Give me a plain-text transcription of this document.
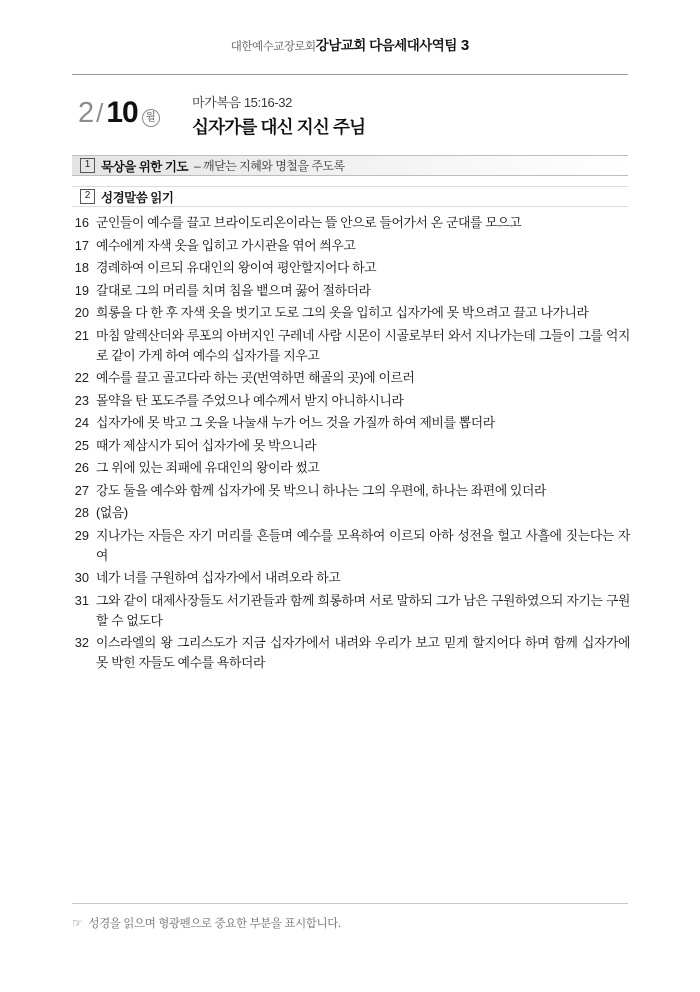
대한예수교장로회강남교회 다음세대사역팀 3
2 / 10 월
마가복음 15:16-32
십자가를 대신 지신 주님
1 묵상을 위한 기도 – 깨닫는 지혜와 명철을 주도록
2 성경말씀 읽기
16 군인들이 예수를 끌고 브라이도리온이라는 뜰 안으로 들어가서 온 군대를 모으고
17 예수에게 자색 옷을 입히고 가시관을 엮어 씌우고
18 경례하여 이르되 유대인의 왕이여 평안할지어다 하고
19 갈대로 그의 머리를 치며 침을 뱉으며 꿇어 절하더라
20 희롱을 다 한 후 자색 옷을 벗기고 도로 그의 옷을 입히고 십자가에 못 박으려고 끌고 나가니라
21 마침 알렉산더와 루포의 아버지인 구레네 사람 시몬이 시골로부터 와서 지나가는데 그들이 그를 억지로 같이 가게 하여 예수의 십자가를 지우고
22 예수를 끌고 골고다라 하는 곳(번역하면 해골의 곳)에 이르러
23 몰약을 탄 포도주를 주었으나 예수께서 받지 아니하시니라
24 십자가에 못 박고 그 옷을 나눌새 누가 어느 것을 가질까 하여 제비를 뽑더라
25 때가 제삼시가 되어 십자가에 못 박으니라
26 그 위에 있는 죄패에 유대인의 왕이라 썼고
27 강도 둘을 예수와 함께 십자가에 못 박으니 하나는 그의 우편에, 하나는 좌편에 있더라
28 (없음)
29 지나가는 자들은 자기 머리를 흔들며 예수를 모욕하여 이르되 아하 성전을 헐고 사흘에 짓는다는 자여
30 네가 너를 구원하여 십자가에서 내려오라 하고
31 그와 같이 대제사장들도 서기관들과 함께 희롱하며 서로 말하되 그가 남은 구원하였으되 자기는 구원할 수 없도다
32 이스라엘의 왕 그리스도가 지금 십자가에서 내려와 우리가 보고 믿게 할지어다 하며 함께 십자가에 못 박힌 자들도 예수를 욕하더라
☞ 성경을 읽으며 형광펜으로 중요한 부분을 표시합니다.
